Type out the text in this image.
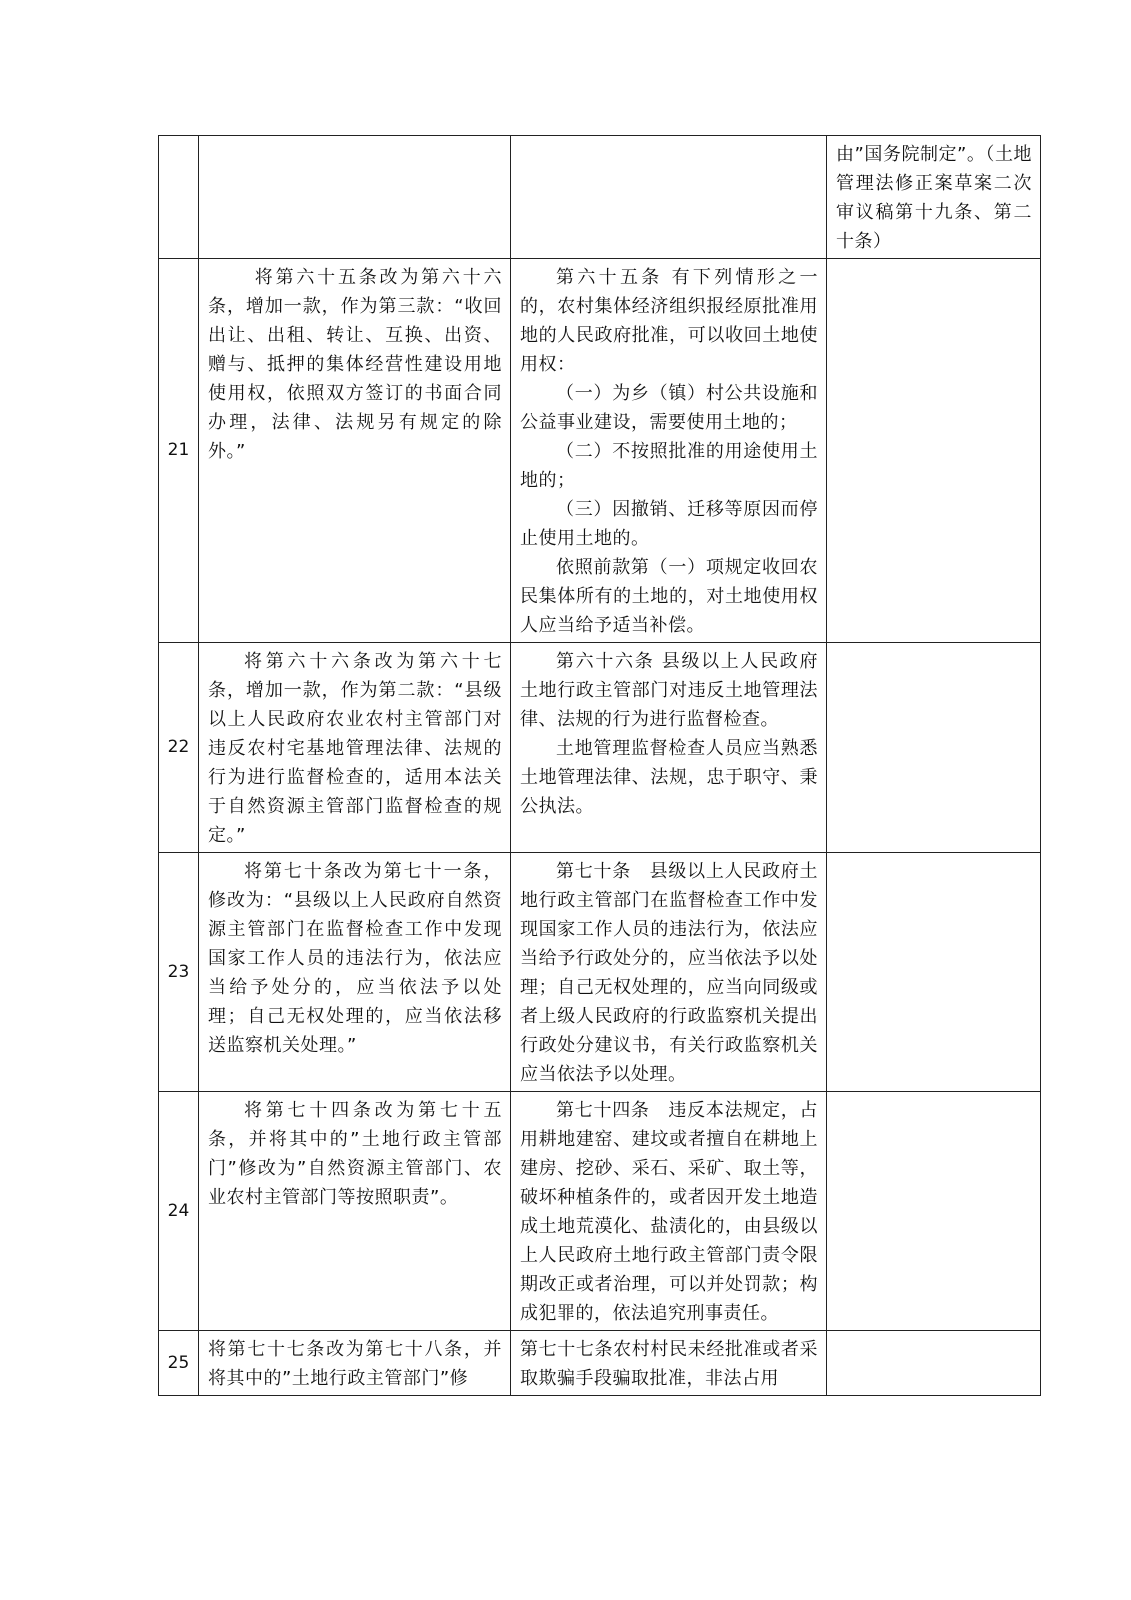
			由”国务院制定”。（土地管理法修正案草案二次审议稿第十九条、第二十条）

21	将第六十五条改为第六十六条，增加一款，作为第三款：“收回出让、出租、转让、互换、出资、赠与、抵押的集体经营性建设用地使用权，依照双方签订的书面合同办理，法律、法规另有规定的除外。”	第六十五条 有下列情形之一的，农村集体经济组织报经原批准用地的人民政府批准，可以收回土地使用权：

（一）为乡（镇）村公共设施和公益事业建设，需要使用土地的；

（二）不按照批准的用途使用土地的；

（三）因撤销、迁移等原因而停止使用土地的。

依照前款第（一）项规定收回农民集体所有的土地的，对土地使用权人应当给予适当补偿。	

22	将第六十六条改为第六十七条，增加一款，作为第二款：“县级以上人民政府农业农村主管部门对违反农村宅基地管理法律、法规的行为进行监督检查的，适用本法关于自然资源主管部门监督检查的规定。”	第六十六条 县级以上人民政府土地行政主管部门对违反土地管理法律、法规的行为进行监督检查。

土地管理监督检查人员应当熟悉土地管理法律、法规，忠于职守、秉公执法。	

23	将第七十条改为第七十一条，修改为：“县级以上人民政府自然资源主管部门在监督检查工作中发现国家工作人员的违法行为，依法应当给予处分的，应当依法予以处理；自己无权处理的，应当依法移送监察机关处理。”	第七十条　县级以上人民政府土地行政主管部门在监督检查工作中发现国家工作人员的违法行为，依法应当给予行政处分的，应当依法予以处理；自己无权处理的，应当向同级或者上级人民政府的行政监察机关提出行政处分建议书，有关行政监察机关应当依法予以处理。	

24	将第七十四条改为第七十五条，并将其中的”土地行政主管部门”修改为”自然资源主管部门、农业农村主管部门等按照职责”。	第七十四条　违反本法规定，占用耕地建窑、建坟或者擅自在耕地上建房、挖砂、采石、采矿、取土等，破坏种植条件的，或者因开发土地造成土地荒漠化、盐渍化的，由县级以上人民政府土地行政主管部门责令限期改正或者治理，可以并处罚款；构成犯罪的，依法追究刑事责任。	

25	将第七十七条改为第七十八条，并将其中的”土地行政主管部门”修	第七十七条农村村民未经批准或者采取欺骗手段骗取批准，非法占用	
